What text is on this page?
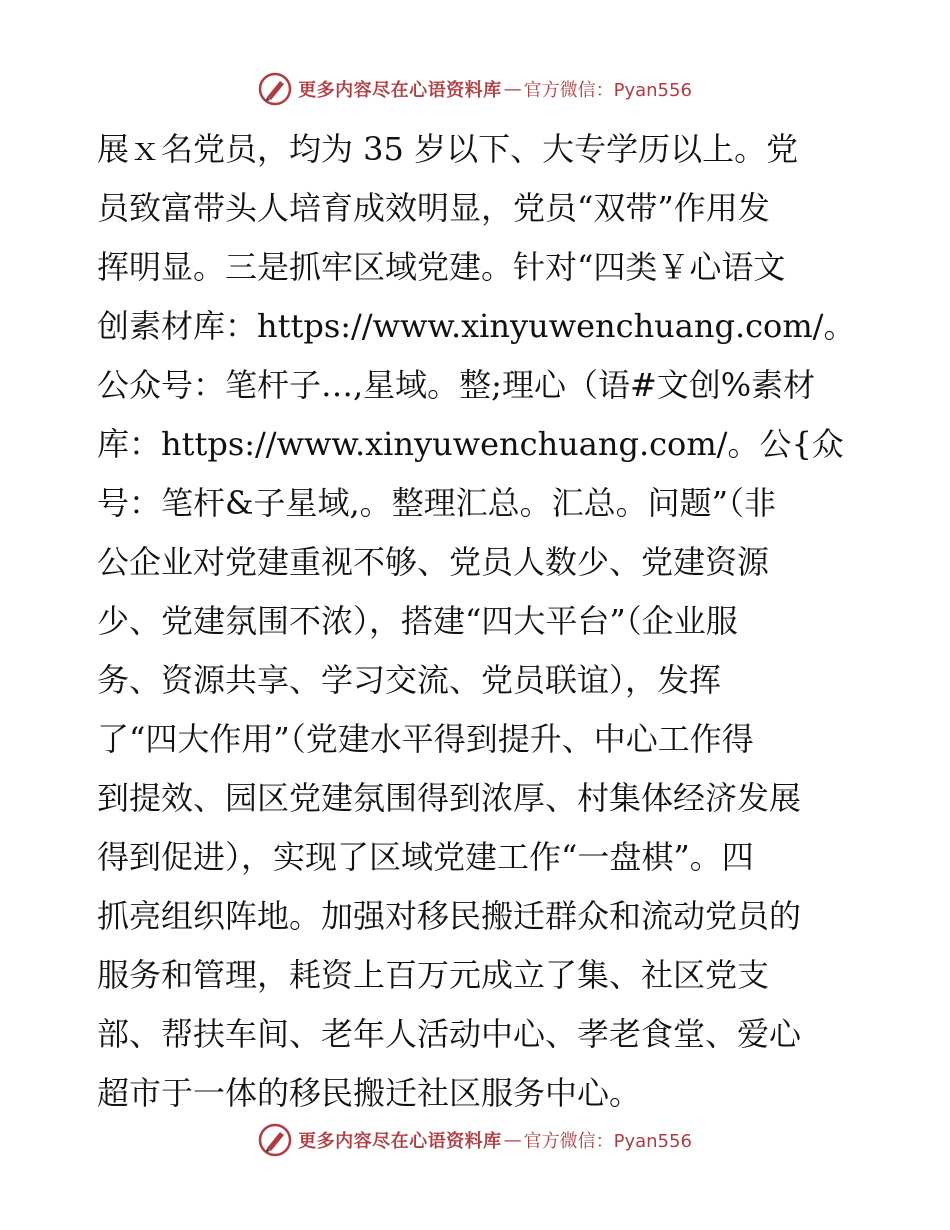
更多内容尽在心语资料库 — 官方微信：Pyan556
展ｘ名党员，均为 35 岁以下、大专学历以上。党
员致富带头人培育成效明显，党员“双带”作用发
挥明显。三是抓牢区域党建。针对“四类￥心语文
创素材库：https://www.xinyuwenchuang.com/。
公众号：笔杆子…,星域。整;理心（语#文创%素材
库：https://www.xinyuwenchuang.com/。公{众
号：笔杆&子星域,。整理汇总。汇总。问题”（非
公企业对党建重视不够、党员人数少、党建资源
少、党建氛围不浓），搭建“四大平台”（企业服
务、资源共享、学习交流、党员联谊），发挥
了“四大作用”（党建水平得到提升、中心工作得
到提效、园区党建氛围得到浓厚、村集体经济发展
得到促进），实现了区域党建工作“一盘棋”。四
抓亮组织阵地。加强对移民搬迁群众和流动党员的
服务和管理，耗资上百万元成立了集、社区党支
部、帮扶车间、老年人活动中心、孝老食堂、爱心
超市于一体的移民搬迁社区服务中心。
更多内容尽在心语资料库 — 官方微信：Pyan556
